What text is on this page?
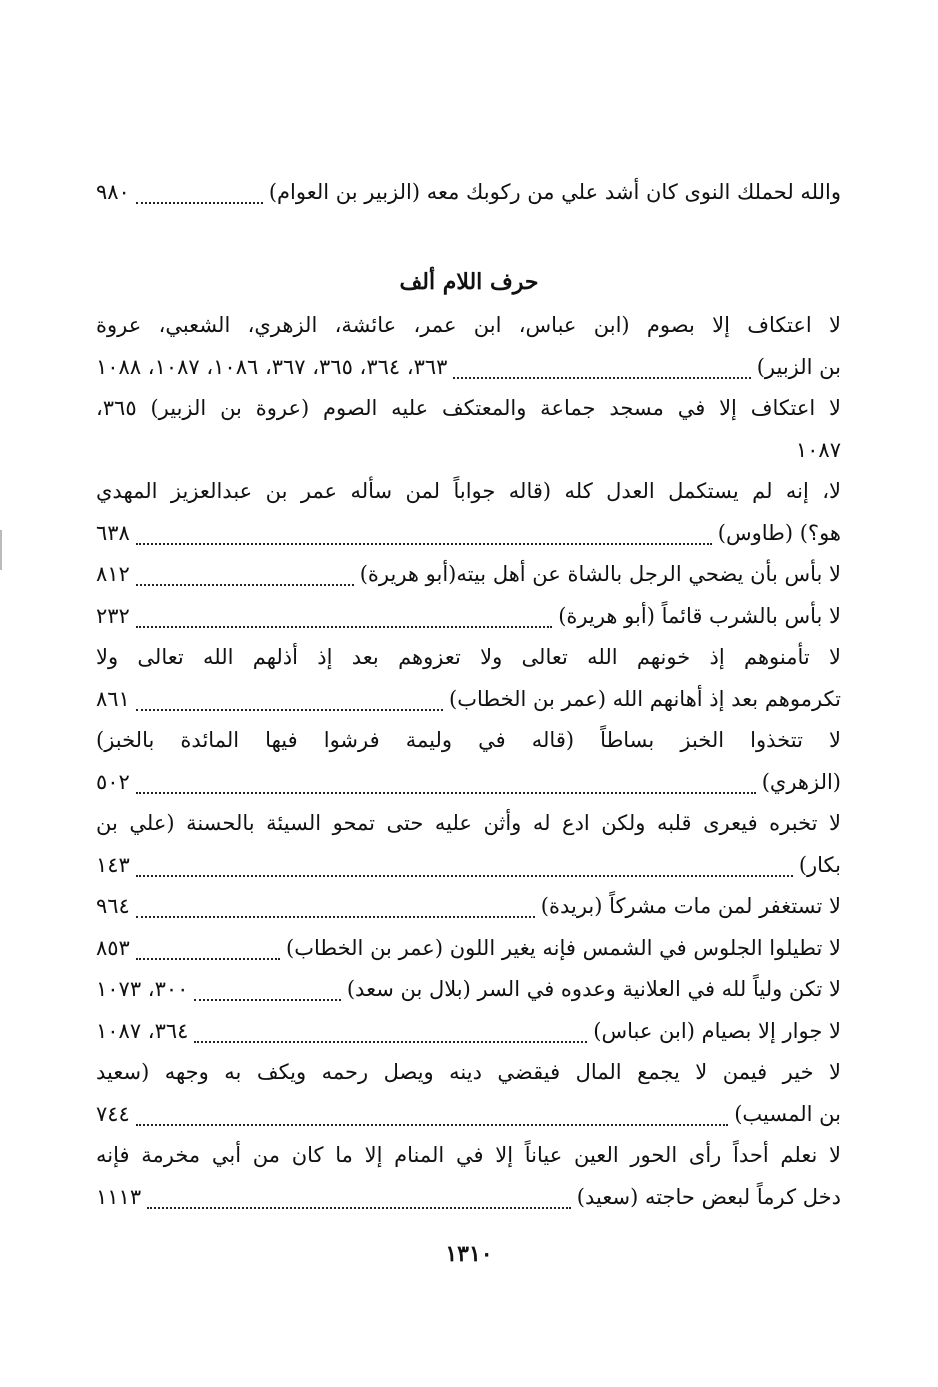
والله لحملك النوى كان أشد علي من ركوبك معه (الزبير بن العوام)
٩٨٠
حرف اللام ألف
لا اعتكاف إلا بصوم (ابن عباس، ابن عمر، عائشة، الزهري، الشعبي، عروة
بن الزبير)
٣٦٣، ٣٦٤، ٣٦٥، ٣٦٧، ١٠٨٦، ١٠٨٧، ١٠٨٨
لا اعتكاف إلا في مسجد جماعة والمعتكف عليه الصوم (عروة بن الزبير) ٣٦٥،
١٠٨٧
لا، إنه لم يستكمل العدل كله (قاله جواباً لمن سأله عمر بن عبدالعزيز المهدي
هو؟) (طاوس)
٦٣٨
لا بأس بأن يضحي الرجل بالشاة عن أهل بيته(أبو هريرة)
٨١٢
لا بأس بالشرب قائماً (أبو هريرة)
٢٣٢
لا تأمنوهم إذ خونهم الله تعالى ولا تعزوهم بعد إذ أذلهم الله تعالى ولا
تكرموهم بعد إذ أهانهم الله (عمر بن الخطاب)
٨٦١
لا تتخذوا الخبز بساطاً (قاله في وليمة فرشوا فيها المائدة بالخبز)
(الزهري)
٥٠٢
لا تخبره فيعرى قلبه ولكن ادع له وأثن عليه حتى تمحو السيئة بالحسنة (علي بن
بكار)
١٤٣
لا تستغفر لمن مات مشركاً (بريدة)
٩٦٤
لا تطيلوا الجلوس في الشمس فإنه يغير اللون (عمر بن الخطاب)
٨٥٣
لا تكن ولياً لله في العلانية وعدوه في السر (بلال بن سعد)
٣٠٠، ١٠٧٣
لا جوار إلا بصيام (ابن عباس)
٣٦٤، ١٠٨٧
لا خير فيمن لا يجمع المال فيقضي دينه ويصل رحمه ويكف به وجهه (سعيد
بن المسيب)
٧٤٤
لا نعلم أحداً رأى الحور العين عياناً إلا في المنام إلا ما كان من أبي مخرمة فإنه
دخل كرماً لبعض حاجته (سعيد)
١١١٣
١٣١٠
